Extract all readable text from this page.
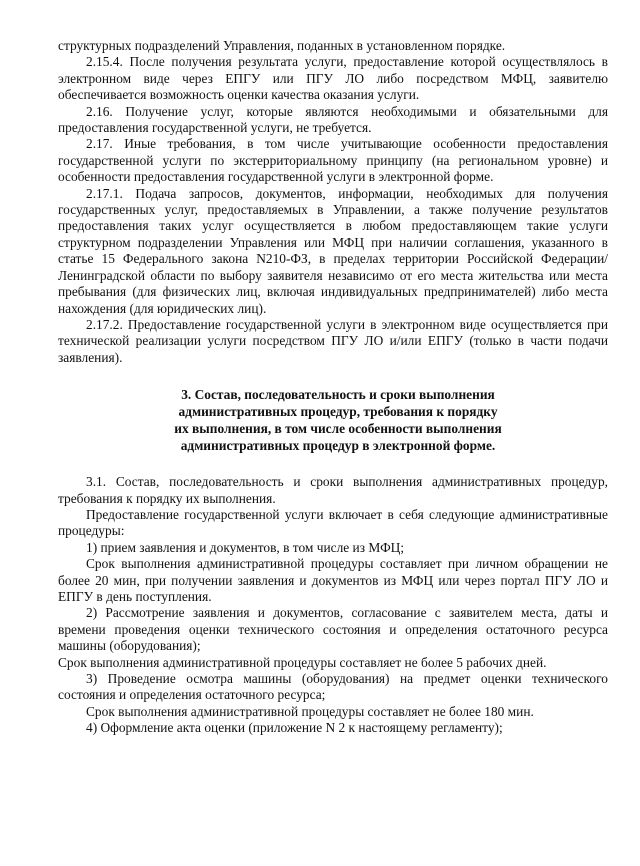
структурных подразделений Управления, поданных в установленном порядке.

2.15.4. После получения результата услуги, предоставление которой осуществлялось в электронном виде через ЕПГУ или ПГУ ЛО либо посредством МФЦ, заявителю обеспечивается возможность оценки качества оказания услуги.

2.16. Получение услуг, которые являются необходимыми и обязательными для предоставления государственной услуги, не требуется.

2.17. Иные требования, в том числе учитывающие особенности предоставления государственной услуги по экстерриториальному принципу (на региональном уровне) и особенности предоставления государственной услуги в электронной форме.

2.17.1. Подача запросов, документов, информации, необходимых для получения государственных услуг, предоставляемых в Управлении, а также получение результатов предоставления таких услуг осуществляется в любом предоставляющем такие услуги структурном подразделении Управления или МФЦ при наличии соглашения, указанного в статье 15 Федерального закона N210-ФЗ, в пределах территории Российской Федерации/Ленинградской области по выбору заявителя независимо от его места жительства или места пребывания (для физических лиц, включая индивидуальных предпринимателей) либо места нахождения (для юридических лиц).

2.17.2. Предоставление государственной услуги в электронном виде осуществляется при технической реализации услуги посредством ПГУ ЛО и/или ЕПГУ (только в части подачи заявления).

3. Состав, последовательность и сроки выполнения
административных процедур, требования к порядку
их выполнения, в том числе особенности выполнения
административных процедур в электронной форме.

3.1. Состав, последовательность и сроки выполнения административных процедур, требования к порядку их выполнения.

Предоставление государственной услуги включает в себя следующие административные процедуры:

1) прием заявления и документов, в том числе из МФЦ;

Срок выполнения административной процедуры составляет при личном обращении не более 20 мин, при получении заявления и документов из МФЦ или через портал ПГУ ЛО и ЕПГУ в день поступления.

2) Рассмотрение заявления и документов, согласование с заявителем места, даты и времени проведения оценки технического состояния и определения остаточного ресурса машины (оборудования);

Срок выполнения административной процедуры составляет не более 5 рабочих дней.

3) Проведение осмотра машины (оборудования) на предмет оценки технического состояния и определения остаточного ресурса;

Срок выполнения административной процедуры составляет не более 180 мин.

4) Оформление акта оценки (приложение N 2 к настоящему регламенту);
